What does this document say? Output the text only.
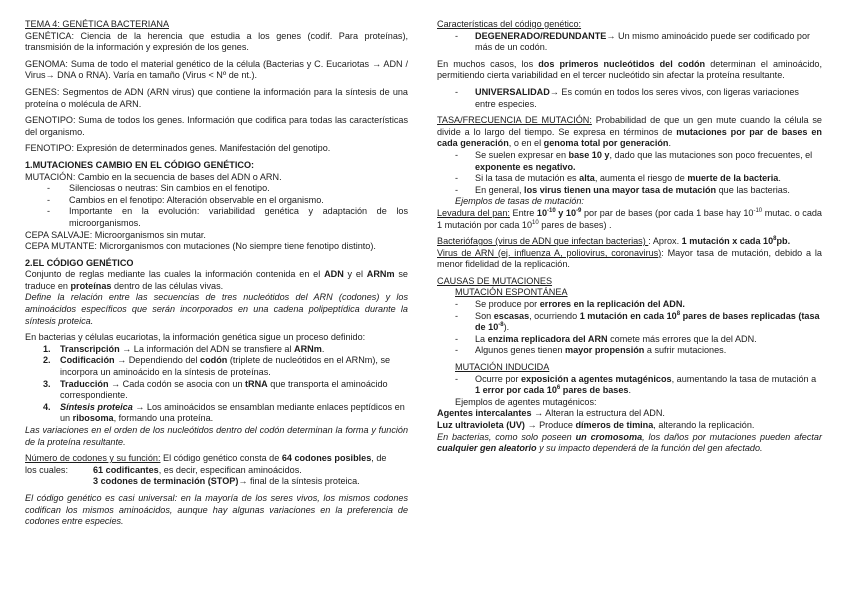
TEMA 4: GENÉTICA BACTERIANA

GENÉTICA: Ciencia de la herencia que estudia a los genes (codif. Para proteínas), transmisión de la información y expresión de los genes.

GENOMA: Suma de todo el material genético de la célula (Bacterias y C. Eucariotas → ADN / Virus→ DNA o RNA). Varía en tamaño (Virus < Nº de nt.).

GENES: Segmentos de ADN (ARN virus) que contiene la información para la síntesis de una proteína o molécula de ARN.

GENOTIPO: Suma de todos los genes. Información que codifica para todas las características del organismo.

FENOTIPO: Expresión de determinados genes. Manifestación del genotipo.

1.MUTACIONES CAMBIO EN EL CÓDIGO GENÉTICO:

MUTACIÓN: Cambio en la secuencia de bases del ADN o ARN.

-	Silenciosas o neutras: Sin cambios en el fenotipo.
-	Cambios en el fenotipo: Alteración observable en el organismo.
-	Importante en la evolución: variabilidad genética y adaptación de los microorganismos.

CEPA SALVAJE: Microorganismos sin mutar.

CEPA MUTANTE: Microrganismos con mutaciones (No siempre tiene fenotipo distinto).

2.EL CÓDIGO GENÉTICO

Conjunto de reglas mediante las cuales la información contenida en el ADN y el ARNm se traduce en proteínas dentro de las células vivas.

Define la relación entre las secuencias de tres nucleótidos del ARN (codones) y los aminoácidos específicos que serán incorporados en una cadena polipeptídica durante la síntesis proteica.

En bacterias y células eucariotas, la información genética sigue un proceso definido:

1.	Transcripción → La información del ADN se transfiere al ARNm.
2.	Codificación → Dependiendo del codón (triplete de nucleótidos en el ARNm), se incorpora un aminoácido en la síntesis de proteínas.
3.	Traducción → Cada codón se asocia con un tRNA que transporta el aminoácido correspondiente.
4.	Síntesis proteica → Los aminoácidos se ensamblan mediante enlaces peptídicos en un ribosoma, formando una proteína.

Las variaciones en el orden de los nucleótidos dentro del codón determinan la forma y función de la proteína resultante.

Número de codones y su función: El código genético consta de 64 codones posibles, de

los cuales:	61 codificantes, es decir, especifican aminoácidos.
3 codones de terminación (STOP)→ final de la síntesis proteica.

El código genético es casi universal: en la mayoría de los seres vivos, los mismos codones codifican los mismos aminoácidos, aunque hay algunas variaciones en la preferencia de codones entre especies.

Características del código genético:

-	DEGENERADO/REDUNDANTE→ Un mismo aminoácido puede ser codificado por más de un codón.

En muchos casos, los dos primeros nucleótidos del codón determinan el aminoácido, permitiendo cierta variabilidad en el tercer nucleótido sin afectar la proteína resultante.

-	UNIVERSALIDAD→ Es común en todos los seres vivos, con ligeras variaciones entre especies.

TASA/FRECUENCIA DE MUTACIÓN: Probabilidad de que un gen mute cuando la célula se divide a lo largo del tiempo. Se expresa en términos de mutaciones por par de bases en cada generación, o en el genoma total por generación.

-	Se suelen expresar en base 10 y, dado que las mutaciones son poco frecuentes, el exponente es negativo.
-	Si la tasa de mutación es alta, aumenta el riesgo de muerte de la bacteria.
-	En general, los virus tienen una mayor tasa de mutación que las bacterias.

Ejemplos de tasas de mutación:

Levadura del pan: Entre $10^{-10}$ y $10^{-9}$ por par de bases (por cada 1 base hay $10^{-10}$ mutac. o cada 1 mutación por cada $10^{10}$ pares de bases) .

Bacteriófagos (virus de ADN que infectan bacterias) : Aprox. 1 mutación x cada $10^8pb$.

Virus de ARN (ej. influenza A, poliovirus, coronavirus): Mayor tasa de mutación, debido a la menor fidelidad de la replicación.

CAUSAS DE MUTACIONES

MUTACIÓN ESPONTÁNEA

-	Se produce por errores en la replicación del ADN.
-	Son escasas, ocurriendo 1 mutación en cada $10^8$ pares de bases replicadas (tasa de $10^{-8}$).
-	La enzima replicadora del ARN comete más errores que la del ADN.
-	Algunos genes tienen mayor propensión a sufrir mutaciones.

MUTACIÓN INDUCIDA

-	Ocurre por exposición a agentes mutagénicos, aumentando la tasa de mutación a 1 error por cada $10^6$ pares de bases.

Ejemplos de agentes mutagénicos:

Agentes intercalantes → Alteran la estructura del ADN.

Luz ultravioleta (UV) → Produce dímeros de timina, alterando la replicación.

En bacterias, como solo poseen un cromosoma, los daños por mutaciones pueden afectar cualquier gen aleatorio y su impacto dependerá de la función del gen afectado.
